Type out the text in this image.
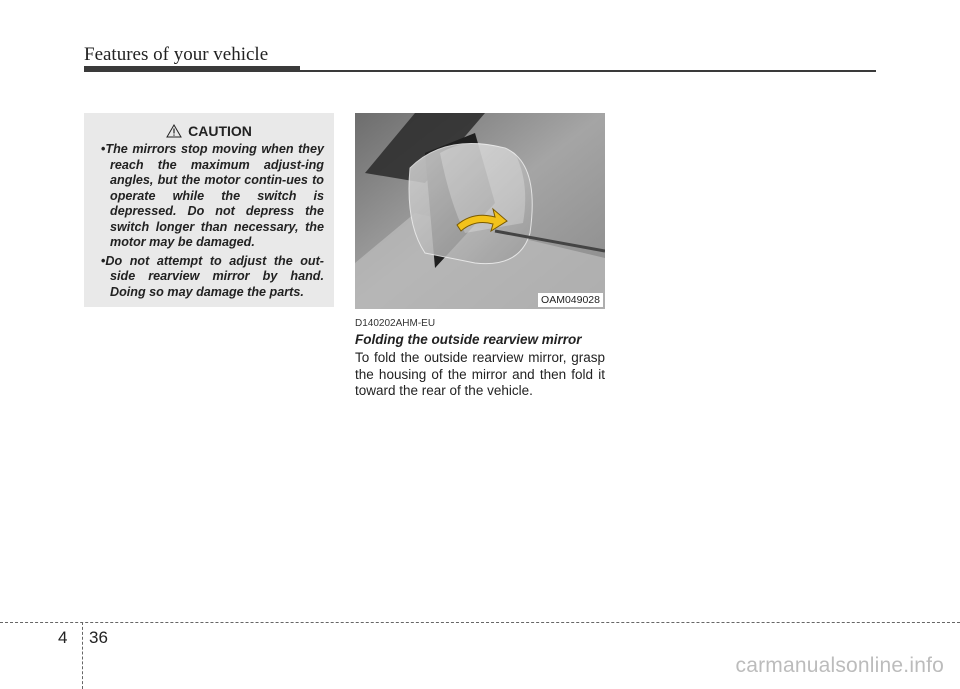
Features of your vehicle
CAUTION
• The mirrors stop moving when they reach the maximum adjust-ing angles, but the motor contin-ues to operate while the switch is depressed. Do not depress the switch longer than necessary, the motor may be damaged.
• Do not attempt to adjust the out-side rearview mirror by hand. Doing so may damage the parts.
OAM049028
D140202AHM-EU
Folding the outside rearview mirror

To fold the outside rearview mirror, grasp the housing of the mirror and then fold it toward the rear of the vehicle.

4 36
carmanualsonline.info
